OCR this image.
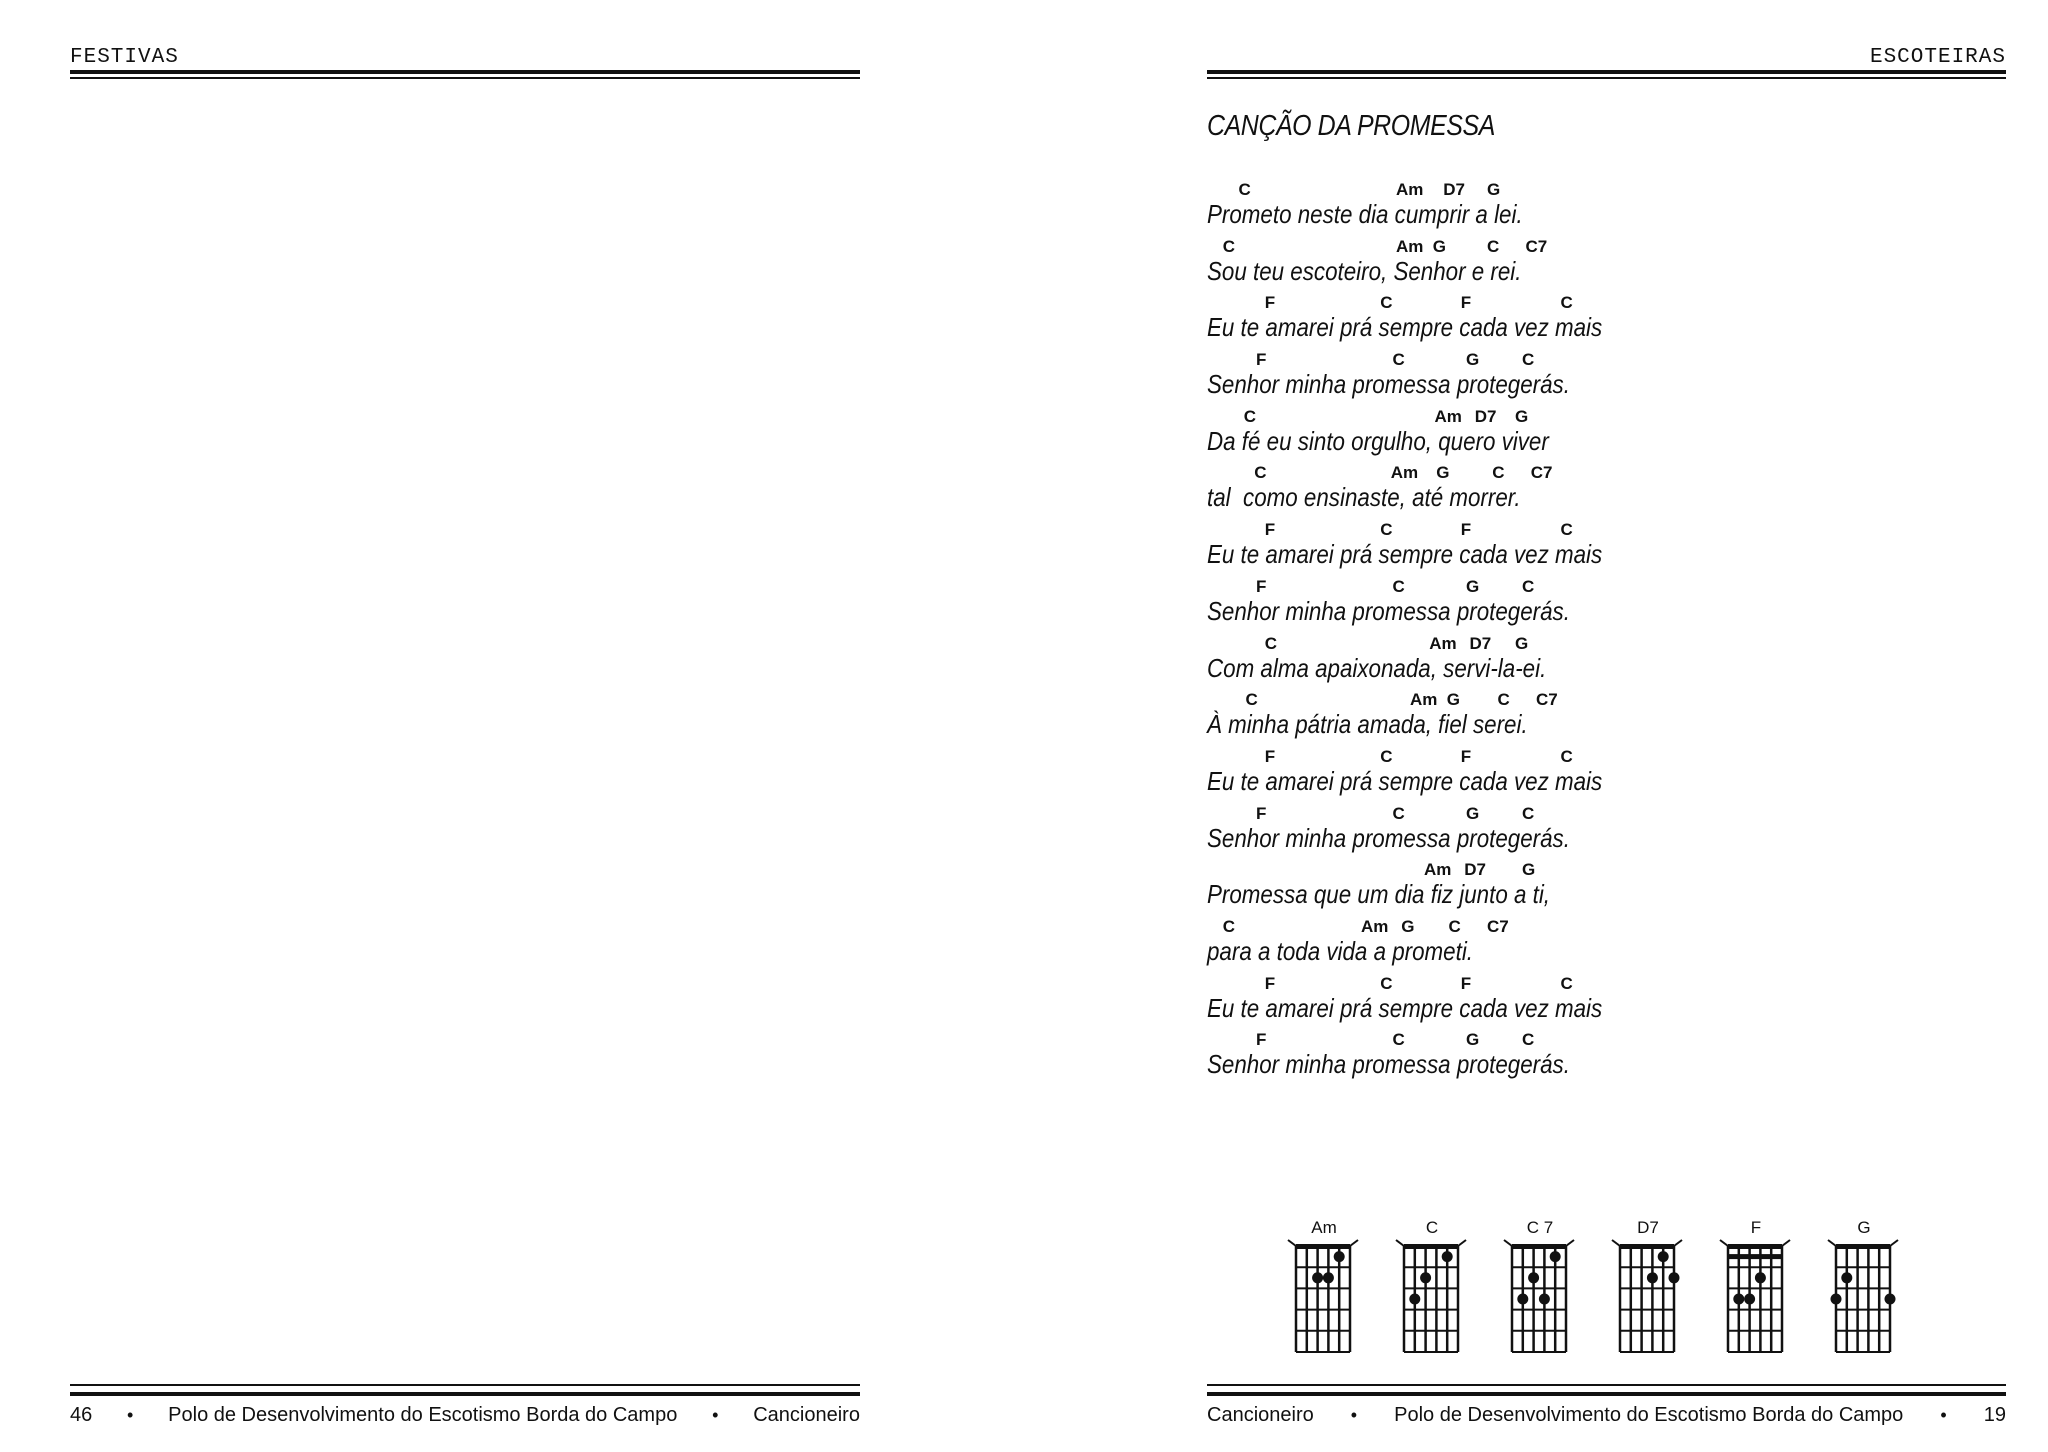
FESTIVAS
46 • Polo de Desenvolvimento do Escotismo Borda do Campo • Cancioneiro
ESCOTEIRAS
CANÇÃO DA PROMESSA
C	Am D7 G
Prometo neste dia cumprir a lei.
C	Am G C C7
Sou teu escoteiro, Senhor e rei.
F	C	F	C
Eu te amarei prá sempre cada vez mais
F	C	G	C
Senhor minha promessa protegerás.
C	Am D7 G
Da fé eu sinto orgulho, quero viver
C	Am G	C C7
tal  como ensinaste, até morrer.
F	C	F	C
Eu te amarei prá sempre cada vez mais
F	C	G	C
Senhor minha promessa protegerás.
C	Am D7 G
Com alma apaixonada, servi-la-ei.
C	Am G C C7
À minha pátria amada, fiel serei.
F	C	F	C
Eu te amarei prá sempre cada vez mais
F	C	G	C
Senhor minha promessa protegerás.
Am D7 G
Promessa que um dia fiz junto a ti,
C	Am G C C7
para a toda vida a prometi.
F	C	F	C
Eu te amarei prá sempre cada vez mais
F	C	G	C
Senhor minha promessa protegerás.
Am	C	C 7	D7	F	G
Cancioneiro • Polo de Desenvolvimento do Escotismo Borda do Campo • 19
